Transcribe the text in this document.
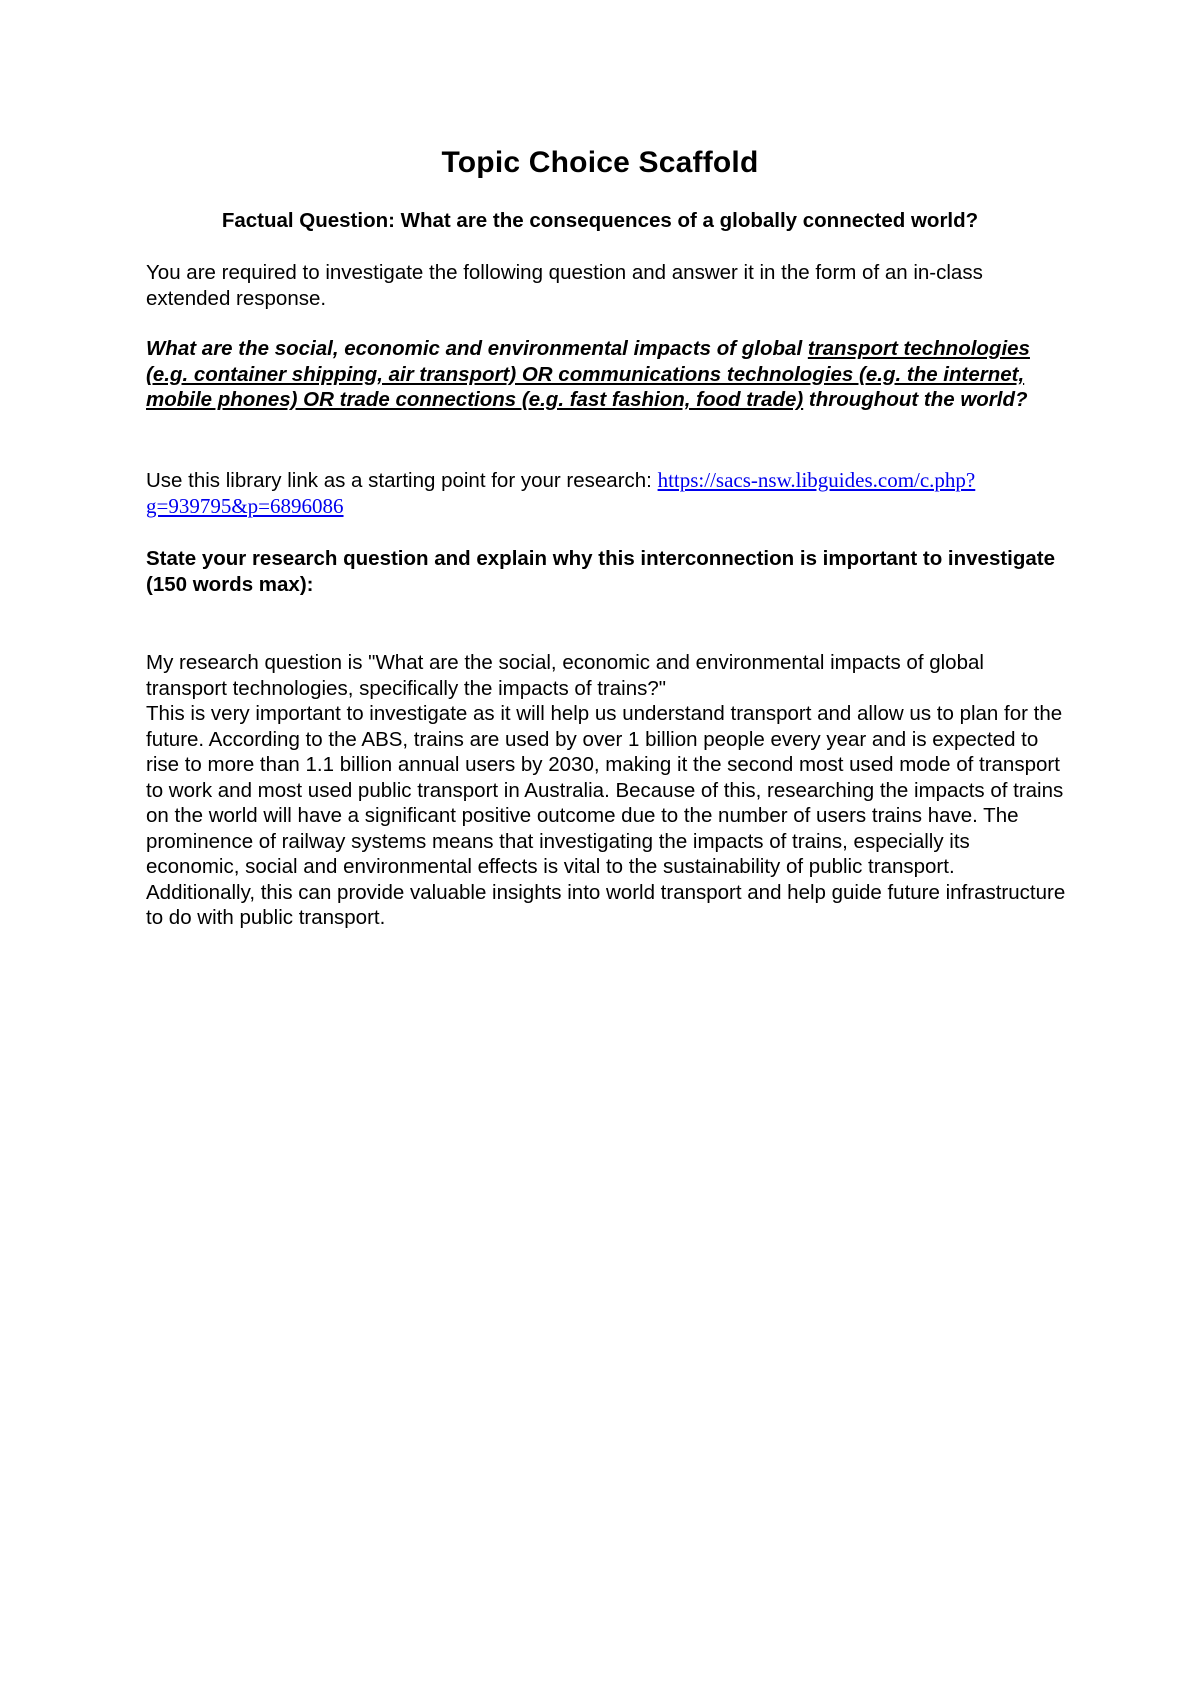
Topic Choice Scaffold
Factual Question: What are the consequences of a globally connected world?
You are required to investigate the following question and answer it in the form of an in-class extended response.
What are the social, economic and environmental impacts of global transport technologies (e.g. container shipping, air transport) OR communications technologies (e.g. the internet, mobile phones) OR trade connections (e.g. fast fashion, food trade) throughout the world?
Use this library link as a starting point for your research: https://sacs-nsw.libguides.com/c.php?g=939795&p=6896086
State your research question and explain why this interconnection is important to investigate (150 words max):

My research question is "What are the social, economic and environmental impacts of global transport technologies, specifically the impacts of trains?"

This is very important to investigate as it will help us understand transport and allow us to plan for the future. According to the ABS, trains are used by over 1 billion people every year and is expected to rise to more than 1.1 billion annual users by 2030, making it the second most used mode of transport to work and most used public transport in Australia. Because of this, researching the impacts of trains on the world will have a significant positive outcome due to the number of users trains have. The prominence of railway systems means that investigating the impacts of trains, especially its economic, social and environmental effects is vital to the sustainability of public transport. Additionally, this can provide valuable insights into world transport and help guide future infrastructure to do with public transport.
